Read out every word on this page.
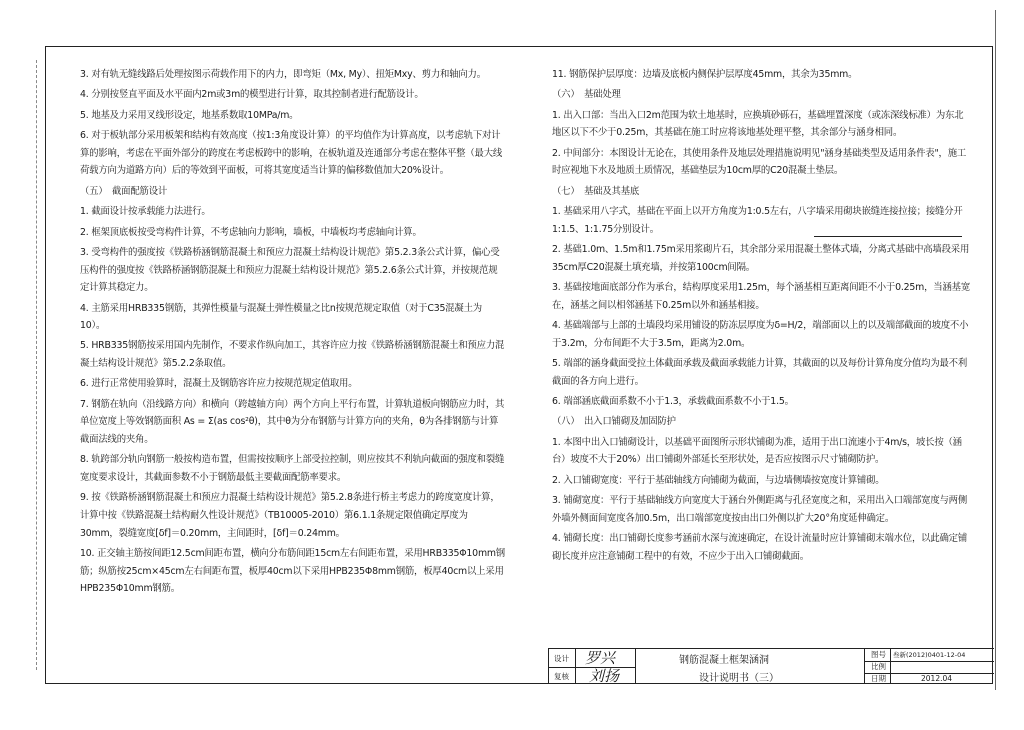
3. 对有轨无缝线路后处理按图示荷载作用下的内力，即弯矩（Mx, My）、扭矩Mxy、剪力和轴向力。

4. 分别按竖直平面及水平面内2m或3m的模型进行计算，取其控制者进行配筋设计。

5. 地基及力采用叉线形设定，地基系数取10MPa/m。

6. 对于板轨部分采用板架和结构有效高度（按1:3角度设计算）的平均值作为计算高度，以考虑轨下对计算的影响，考虑在平面外部分的跨度在考虑板跨中的影响，在板轨道及连通部分考虑在整体平整（最大线荷载方向为道路方向）后的等效到平面板，可将其宽度适当计算的偏移数值加大20%设计。

（五）　截面配筋设计

1. 截面设计按承载能力法进行。

2. 框架顶底板按受弯构件计算，不考虑轴向力影响，墙板，中墙板均考虑轴向计算。

3. 受弯构件的强度按《铁路桥涵钢筋混凝土和预应力混凝土结构设计规范》第5.2.3条公式计算，偏心受压构件的强度按《铁路桥涵钢筋混凝土和预应力混凝土结构设计规范》第5.2.6条公式计算，并按规范规定计算其稳定力。

4. 主筋采用HRB335钢筋，其弹性模量与混凝土弹性模量之比n按规范规定取值（对于C35混凝土为10）。

5. HRB335钢筋按采用国内先制作，不要求作纵向加工，其容许应力按《铁路桥涵钢筋混凝土和预应力混凝土结构设计规范》第5.2.2条取值。

6. 进行正常使用验算时，混凝土及钢筋容许应力按规范规定值取用。

7. 钢筋在轨向（沿线路方向）和横向（跨越轴方向）两个方向上平行布置，计算轨道板向钢筋应力时，其单位宽度上等效钢筋面积 As = Σ(as cos²θ)，其中θ为分布钢筋与计算方向的夹角，θ为各排钢筋与计算截面法线的夹角。

8. 轨跨部分轨向钢筋一般按构造布置，但需按按顺序上部受拉控制，则应按其不利轨向截面的强度和裂缝宽度要求设计，其截面参数不小于钢筋最低主要截面配筋率要求。

9. 按《铁路桥涵钢筋混凝土和预应力混凝土结构设计规范》第5.2.8条进行桥主考虑力的跨度宽度计算，计算中按《铁路混凝土结构耐久性设计规范》（TB10005-2010）第6.1.1条规定限值确定厚度为30mm，裂缝宽度[δf]＝0.20mm，主间距时，[δf]＝0.24mm。

10. 正交轴主筋按间距12.5cm间距布置，横向分布筋间距15cm左右间距布置，采用HRB335Φ10mm钢筋；纵筋按25cm×45cm左右间距布置，板厚40cm以下采用HPB235Φ8mm钢筋，板厚40cm以上采用HPB235Φ10mm钢筋。

11. 钢筋保护层厚度：边墙及底板内侧保护层厚度45mm，其余为35mm。

（六）　基础处理

1. 出入口部：当出入口2m范围为软土地基时，应换填砂砾石，基础埋置深度（或冻深线标准）为东北地区以下不少于0.25m，其基础在施工时应将该地基处理平整，其余部分与涵身相同。

2. 中间部分：本图设计无论在，其使用条件及地层处理措施说明见"涵身基础类型及适用条件表"，施工时应视地下水及地质土质情况，基础垫层为10cm厚的C20混凝土垫层。

（七）　基础及其基底

1. 基础采用八字式，基础在平面上以开方角度为1:0.5左右，八字墙采用砌块嵌缝连接拉接；接缝分开1:1.5、1:1.75分别设计。

2. 基础1.0m、1.5m和1.75m采用浆砌片石，其余部分采用混凝土整体式墙，分离式基础中高墙段采用35cm厚C20混凝土填充墙，并按第100cm间隔。

3. 基础按地面底部分作为承台，结构厚度采用1.25m，每个涵基相互距离间距不小于0.25m，当涵基宽在，涵基之间以相邻涵基下0.25m以外和涵基相接。

4. 基础端部与上部的土墙段均采用铺设的防冻层厚度为δ=H/2，端部面以上的以及端部截面的坡度不小于3.2m，分布间距不大于3.5m，距离为2.0m。

5. 端部的涵身截面受拉土体截面承载及截面承载能力计算，其截面的以及每份计算角度分值均为最不利截面的各方向上进行。

6. 端部涵底截面系数不小于1.3，承载截面系数不小于1.5。

（八）　出入口铺砌及加固防护

1. 本图中出入口铺砌设计，以基础平面图所示形状铺砌为准，适用于出口流速小于4m/s，坡长按（涵台）坡度不大于20%）出口铺砌外部延长至形状处，是否应按图示尺寸铺砌防护。

2. 入口铺砌宽度：平行于基础轴线方向铺砌为截面，与边墙侧墙按宽度计算铺砌。

3. 铺砌宽度：平行于基础轴线方向宽度大于涵台外侧距离与孔径宽度之和，采用出入口端部宽度与两侧外墙外侧面间宽度各加0.5m，出口端部宽度按由出口外侧以扩大20°角度延伸确定。

4. 铺砌长度：出口铺砌长度参考涵前水深与流速确定，在设计流量时应计算铺砌末端水位，以此确定铺砌长度并应注意铺砌工程中的有效，不应少于出入口铺砌截面。

设计
复核
罗兴
刘扬
钢筋混凝土框架涵洞
设计说明书（三）
图号 叁新(2012)0401-12-04
比例
日期	2012.04
